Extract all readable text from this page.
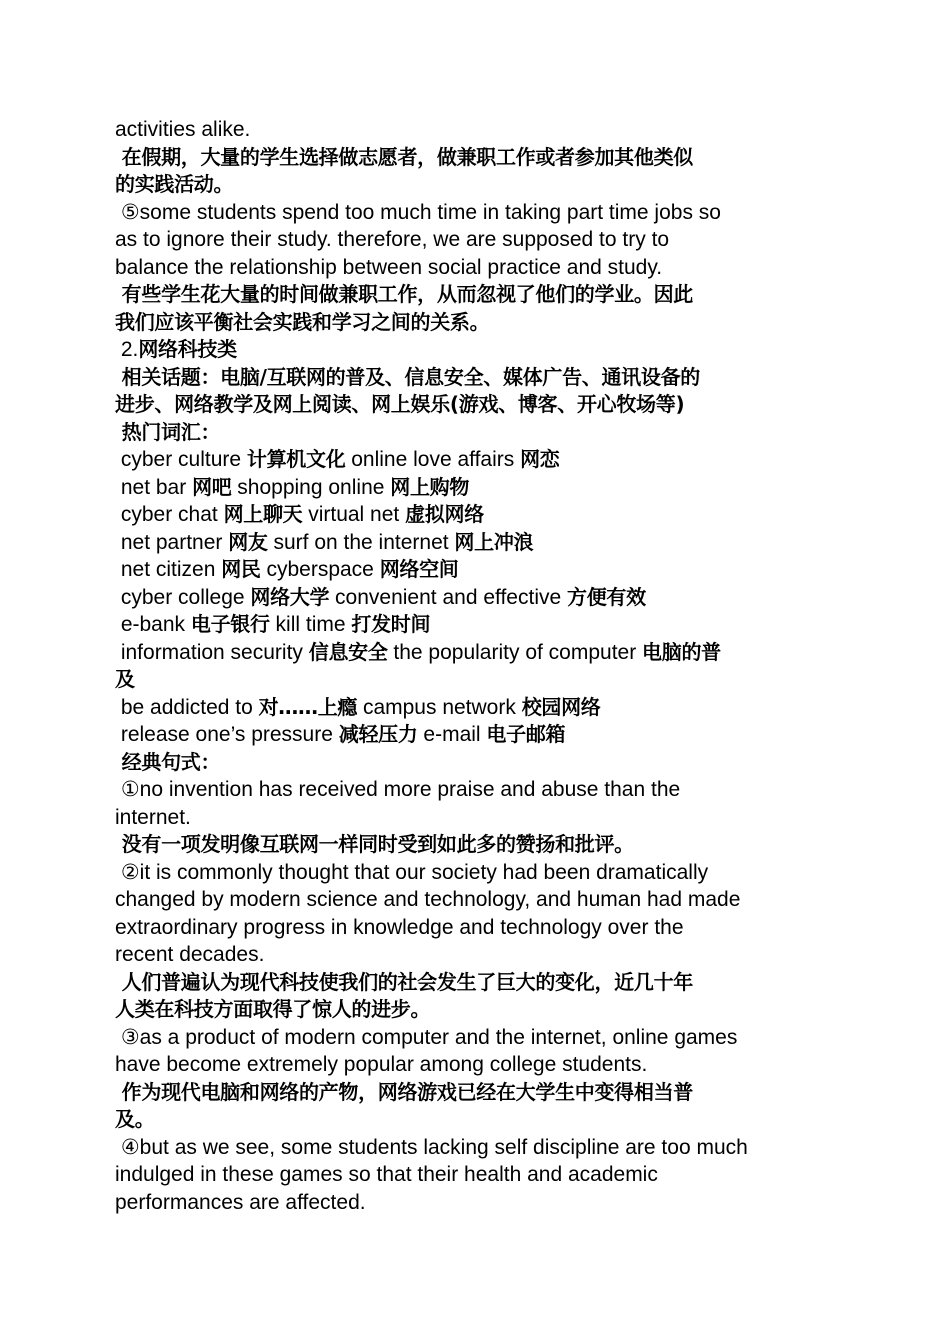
activities alike.
在假期，大量的学生选择做志愿者，做兼职工作或者参加其他类似
的实践活动。
⑤some students spend too much time in taking part time jobs so
as to ignore their study. therefore, we are supposed to try to
balance the relationship between social practice and study.
有些学生花大量的时间做兼职工作，从而忽视了他们的学业。因此
我们应该平衡社会实践和学习之间的关系。
2.网络科技类
相关话题：电脑/互联网的普及、信息安全、媒体广告、通讯设备的
进步、网络教学及网上阅读、网上娱乐(游戏、博客、开心牧场等)
热门词汇：
cyber culture 计算机文化 online love affairs 网恋
net bar 网吧 shopping online 网上购物
cyber chat 网上聊天 virtual net 虚拟网络
net partner 网友 surf on the internet 网上冲浪
net citizen 网民 cyberspace 网络空间
cyber college 网络大学 convenient and effective 方便有效
e-bank 电子银行 kill time 打发时间
information security 信息安全 the popularity of computer 电脑的普
及
be addicted to 对……上瘾 campus network 校园网络
release one’s pressure 减轻压力 e-mail 电子邮箱
经典句式：
①no invention has received more praise and abuse than the
internet.
没有一项发明像互联网一样同时受到如此多的赞扬和批评。
②it is commonly thought that our society had been dramatically
changed by modern science and technology, and human had made
extraordinary progress in knowledge and technology over the
recent decades.
人们普遍认为现代科技使我们的社会发生了巨大的变化，近几十年
人类在科技方面取得了惊人的进步。
③as a product of modern computer and the internet, online games
have become extremely popular among college students.
作为现代电脑和网络的产物，网络游戏已经在大学生中变得相当普
及。
④but as we see, some students lacking self discipline are too much
indulged in these games so that their health and academic
performances are affected.
